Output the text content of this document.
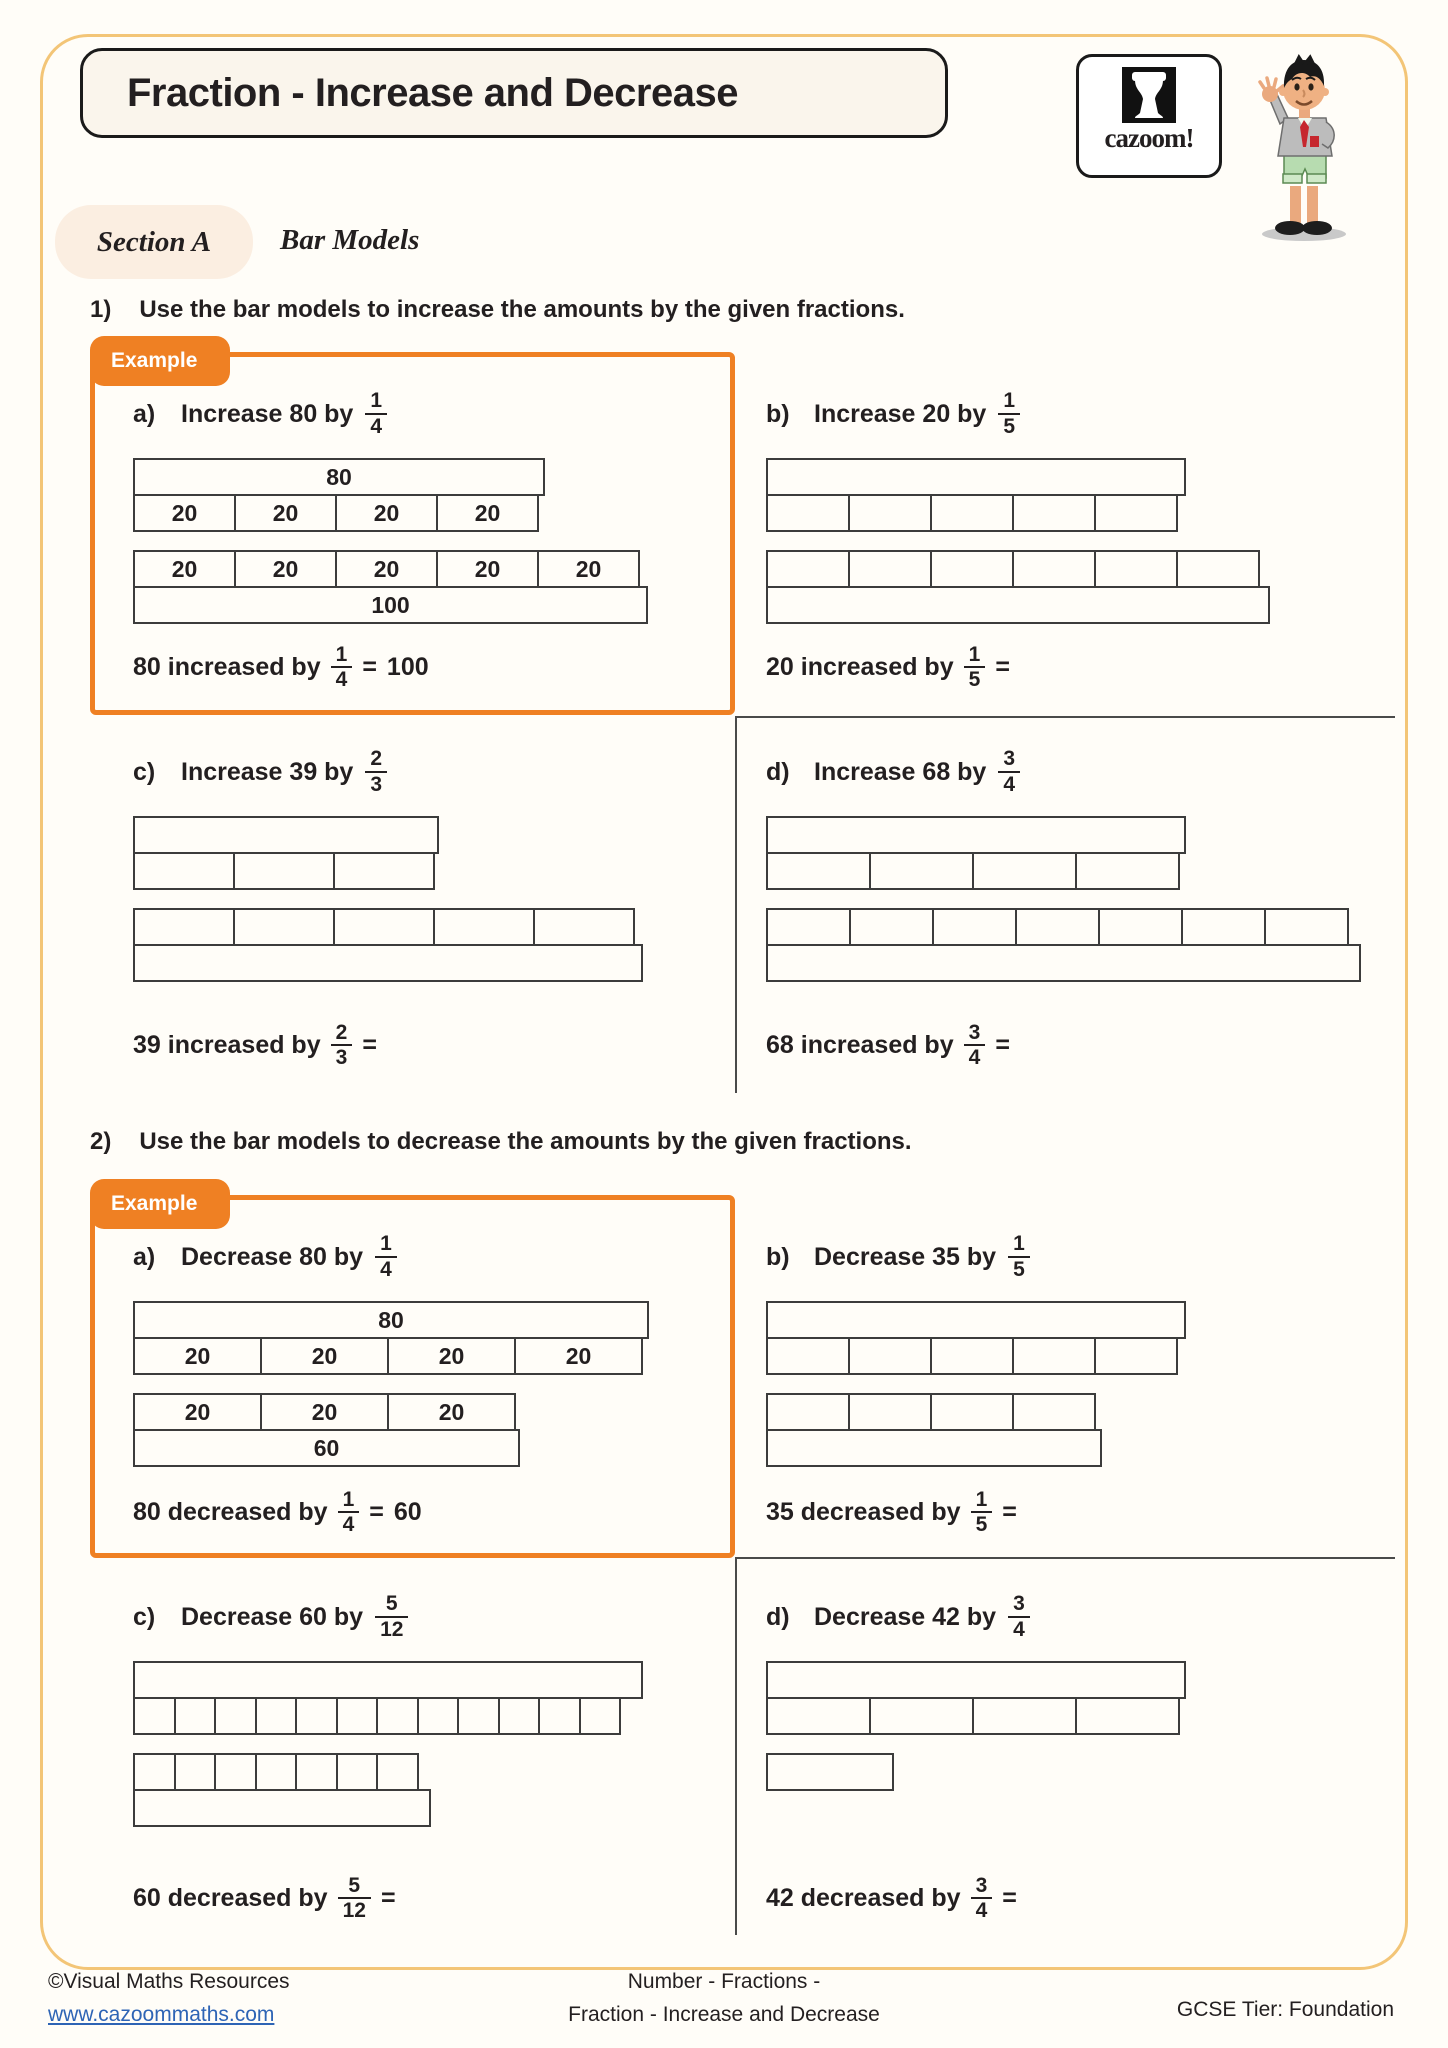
Fraction - Increase and Decrease
cazoom!
Section A Bar Models
1) Use the bar models to increase the amounts by the given fractions.
Example
a)	Increase 80 by $\frac{1}{4}$
80
20	20	20	20
20	20	20	20	20
100
80 increased by $\frac{1}{4} = 100$
b) Increase 20 by $\frac{1}{5}$
20 increased by $\frac{1}{5}$ =
c)	Increase 39 by $\frac{2}{3}$
39 increased by $\frac{2}{3}$ =
d) Increase 68 by $\frac{3}{4}$
68 increased by $\frac{3}{4}$ =
2) Use the bar models to decrease the amounts by the given fractions.
Example
a)	Decrease 80 by $\frac{1}{4}$
80
20	20	20	20
20	20	20
60
80 decreased by $\frac{1}{4} = 60$
b) Decrease 35 by $\frac{1}{5}$
35 decreased by $\frac{1}{5}$ =
c)	Decrease 60 by $\frac{5}{12}$
60 decreased by $\frac{5}{12}$ =
d) Decrease 42 by $\frac{3}{4}$
42 decreased by $\frac{3}{4}$ =
©Visual Maths Resources
www.cazoommaths.com
Number - Fractions -
Fraction - Increase and Decrease	GCSE Tier: Foundation
